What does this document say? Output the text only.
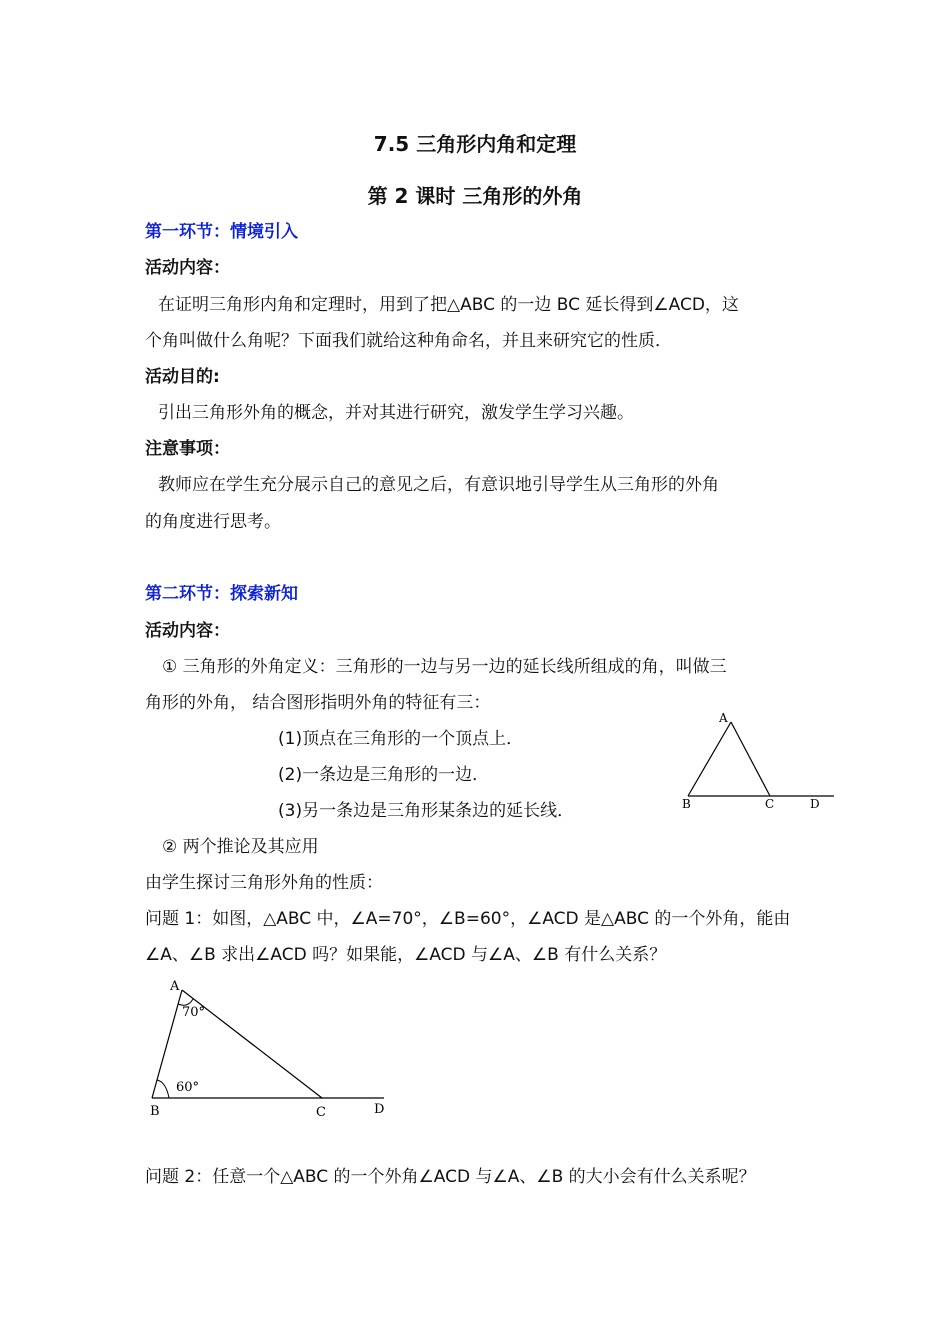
7.5 三角形内角和定理
第 2 课时 三角形的外角
第一环节：情境引入
活动内容：
在证明三角形内角和定理时，用到了把△ABC 的一边 BC 延长得到∠ACD，这
个角叫做什么角呢？下面我们就给这种角命名，并且来研究它的性质．
活动目的:
引出三角形外角的概念，并对其进行研究，激发学生学习兴趣。
注意事项：
教师应在学生充分展示自己的意见之后，有意识地引导学生从三角形的外角
的角度进行思考。
第二环节：探索新知
活动内容：
① 三角形的外角定义：三角形的一边与另一边的延长线所组成的角，叫做三
角形的外角， 结合图形指明外角的特征有三：
(1)顶点在三角形的一个顶点上．
(2)一条边是三角形的一边．
(3)另一条边是三角形某条边的延长线．
② 两个推论及其应用
由学生探讨三角形外角的性质：
问题 1：如图，△ABC 中，∠A=70°，∠B=60°，∠ACD 是△ABC 的一个外角，能由
∠A、∠B 求出∠ACD 吗？如果能，∠ACD 与∠A、∠B 有什么关系？
问题 2：任意一个△ABC 的一个外角∠ACD 与∠A、∠B 的大小会有什么关系呢？
A
B	C	D
A
B	C	D
70°
60°
